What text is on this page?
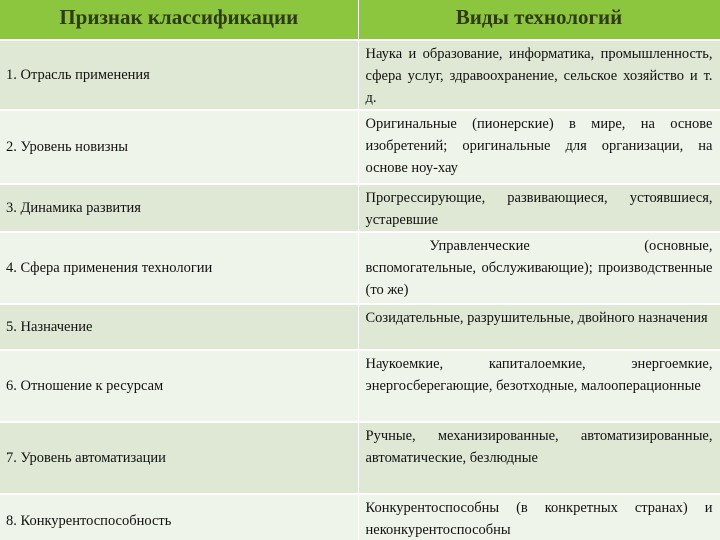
Признак классификации	Виды технологий
1. Отрасль применения	Наука и образование, информатика, промышленность, сфера услуг, здравоохранение, сельское хозяйство и т. д.
2. Уровень новизны	Оригинальные (пионерские) в мире, на основе изобретений; оригинальные для организации, на основе ноу-хау
3. Динамика развития	Прогрессирующие, развивающиеся, устоявшиеся, устаревшие
4. Сфера применения технологии	Управленческие (основные, вспомогательные, обслуживающие); производственные (то же)
5. Назначение	Созидательные, разрушительные, двойного назначения
6. Отношение к ресурсам	Наукоемкие, капиталоемкие, энергоемкие, энергосберегающие, безотходные, малооперационные
7. Уровень автоматизации	Ручные, механизированные, автоматизированные, автоматические, безлюдные
8. Конкурентоспособность	Конкурентоспособны (в конкретных странах) и неконкурентоспособны
